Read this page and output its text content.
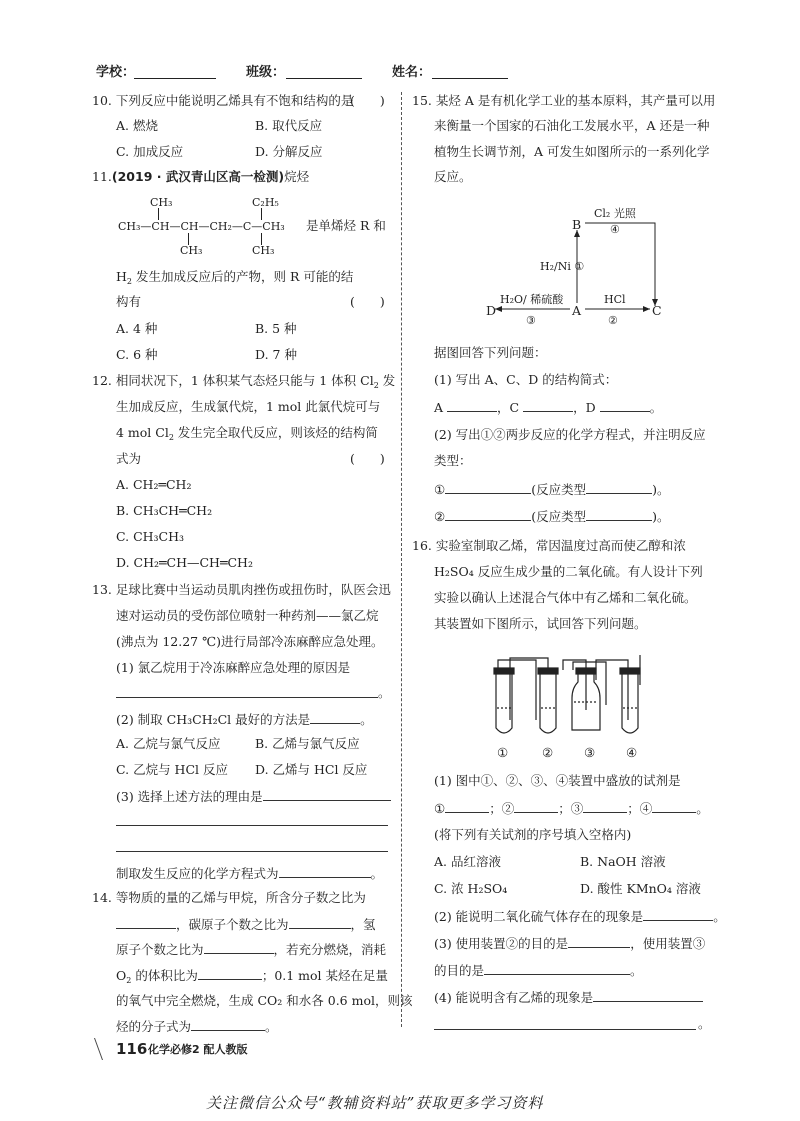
学校：	班级：	姓名：
10. 下列反应中能说明乙烯具有不饱和结构的是
(　　)
A. 燃烧	B. 取代反应
C. 加成反应	D. 分解反应
11.(2019 · 武汉青山区高一检测)烷烃
CH₃	C₂H₅
CH₃—CH—CH—CH₂—C—CH₃ 是单烯烃 R 和
CH₃	CH₃
$H_2$ 发生加成反应后的产物，则 R 可能的结
构有	(　　)
A. 4 种	B. 5 种
C. 6 种	D. 7 种
12. 相同状况下，1 体积某气态烃只能与 1 体积 $Cl_2$ 发
生加成反应，生成氯代烷，1 mol 此氯代烷可与
4 mol $Cl_2$ 发生完全取代反应，则该烃的结构简
式为	(　　)
A. CH₂═CH₂
B. CH₃CH═CH₂
C. CH₃CH₃
D. CH₂═CH—CH═CH₂
13. 足球比赛中当运动员肌肉挫伤或扭伤时，队医会迅
速对运动员的受伤部位喷射一种药剂——氯乙烷
(沸点为 12.27 ℃)进行局部冷冻麻醉应急处理。
(1) 氯乙烷用于冷冻麻醉应急处理的原因是
。
(2) 制取 CH₃CH₂Cl 最好的方法是	。
A. 乙烷与氯气反应	B. 乙烯与氯气反应
C. 乙烷与 HCl 反应 D. 乙烯与 HCl 反应
(3) 选择上述方法的理由是
制取发生反应的化学方程式为	。
14. 等物质的量的乙烯与甲烷，所含分子数之比为
，碳原子个数之比为	，氢
原子个数之比为	，若充分燃烧，消耗
$O_2$ 的体积比为	；0.1 mol 某烃在足量
的氧气中完全燃烧，生成 CO₂ 和水各 0.6 mol，则该
烃的分子式为	。
15. 某烃 A 是有机化学工业的基本原料，其产量可以用
来衡量一个国家的石油化工发展水平，A 还是一种
植物生长调节剂，A 可发生如图所示的一系列化学
反应。
B
Cl₂ 光照
④
H₂/Ni ①
D	A	C
H₂O/ 稀硫酸
③
HCl
②
据图回答下列问题：
(1) 写出 A、C、D 的结构简式：
A	，C	，D	。
(2) 写出①②两步反应的化学方程式，并注明反应
类型：
①	(反应类型	)。
②	(反应类型	)。
16. 实验室制取乙烯，常因温度过高而使乙醇和浓
H₂SO₄ 反应生成少量的二氧化硫。有人设计下列
实验以确认上述混合气体中有乙烯和二氧化硫。
其装置如下图所示，试回答下列问题。
①	② ③ ④
(1) 图中①、②、③、④装置中盛放的试剂是
①	；②	；③	；④	。
(将下列有关试剂的序号填入空格内)
A. 品红溶液	B. NaOH 溶液
C. 浓 H₂SO₄	D. 酸性 KMnO₄ 溶液
(2) 能说明二氧化硫气体存在的现象是	。
(3) 使用装置②的目的是	，使用装置③
的目的是	。
(4) 能说明含有乙烯的现象是
。
116 化学必修2 配人教版
关注微信公众号“教辅资料站”获取更多学习资料
